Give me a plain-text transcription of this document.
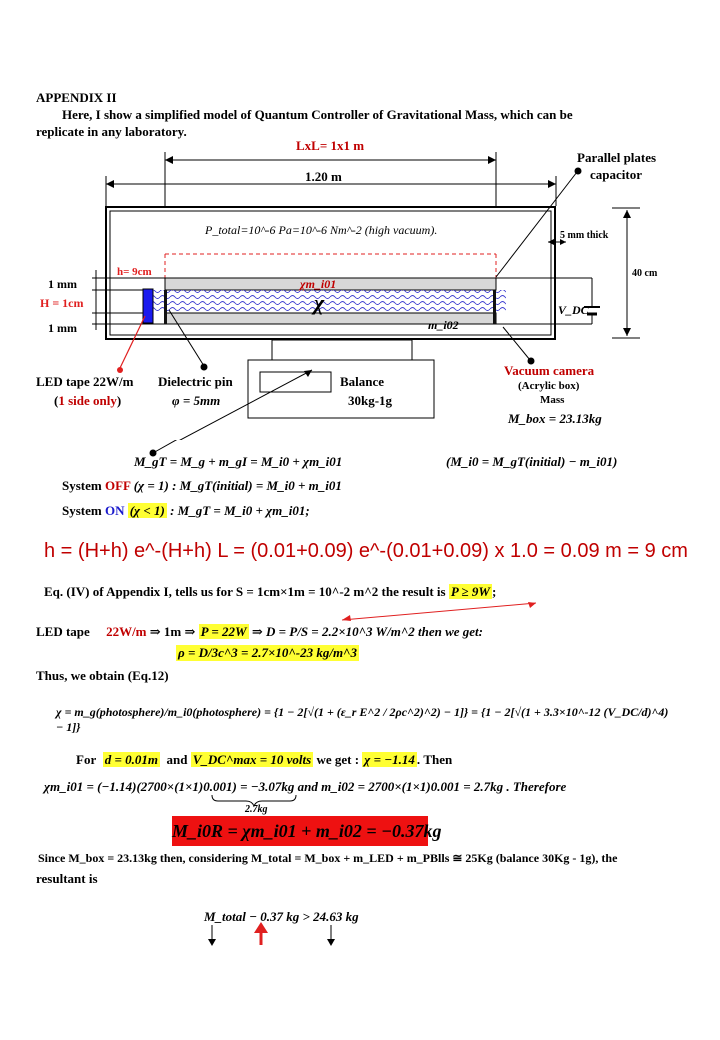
APPENDIX II
Here, I show a simplified model of Quantum Controller of Gravitational Mass, which can be
replicate in any laboratory.
LxL= 1x1 m
1.20 m
Parallel plates
capacitor
P_total=10^-6 Pa=10^-6 Nm^-2 (high vacuum).	5 mm thick
40 cm
h= 9cm
1 mm
H = 1cm
1 mm
χm_i01
χ
m_i02
V_DC
LED tape 22W/m
(1 side only)
Dielectric pin
φ = 5mm
Balance
30kg-1g
Vacuum camera
(Acrylic box)
Mass
M_box = 23.13kg
M_gT = M_g + m_gI = M_i0 + χm_i01	(M_i0 = M_gT(initial) − m_i01)
System OFF (χ = 1) : M_gT(initial) = M_i0 + m_i01
System ON (χ < 1) : M_gT = M_i0 + χm_i01;
h = (H+h) e^-(H+h) L = (0.01+0.09) e^-(0.01+0.09) x 1.0 = 0.09 m = 9 cm
Eq. (IV) of Appendix I, tells us for S = 1cm×1m = 10^-2 m^2 the result is P ≥ 9W ;
LED tape 22W/m ⇒ 1m ⇒ P = 22W ⇒ D = P/S = 2.2×10^3 W/m^2 then we get:
ρ = D/3c^3 = 2.7×10^-23 kg/m^3
Thus, we obtain (Eq.12)
χ = m_g(photosphere)/m_i0(photosphere) = {1 − 2[√(1 + (ε_r E^2 / 2ρc^2)^2) − 1]} = {1 − 2[√(1 + 3.3×10^-12 (V_DC/d)^4) − 1]}
For d = 0.01m and V_DC^max = 10 volts we get : χ = −1.14 . Then
χm_i01 = (−1.14)(2700×(1×1)0.001) = −3.07kg and m_i02 = 2700×(1×1)0.001 = 2.7kg . Therefore
2.7kg
M_i0R = χm_i01 + m_i02 = −0.37kg
Since M_box = 23.13kg then, considering M_total = M_box + m_LED + m_PBlls ≅ 25Kg (balance 30Kg - 1g), the
resultant is
M_total − 0.37 kg > 24.63 kg
